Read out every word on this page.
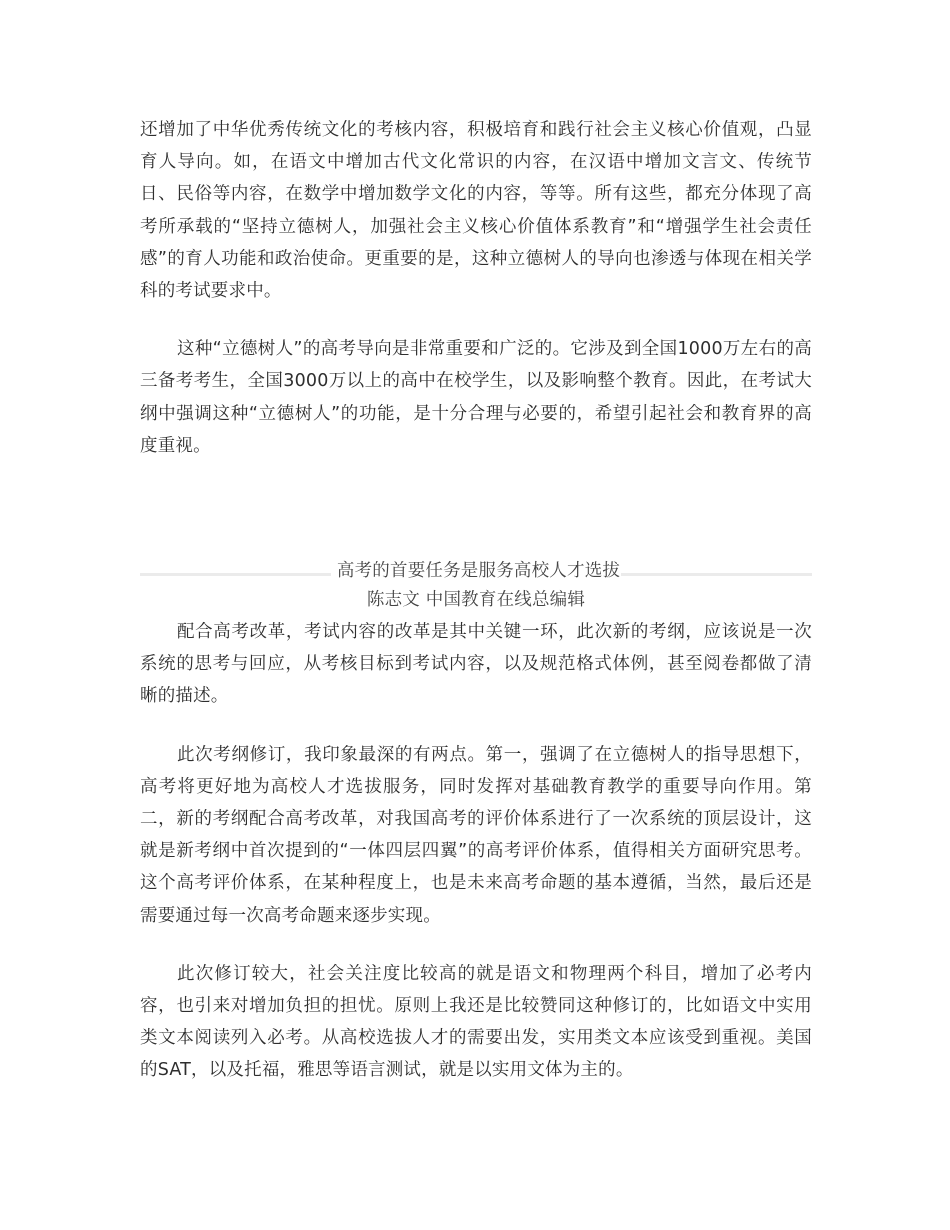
还增加了中华优秀传统文化的考核内容，积极培育和践行社会主义核心价值观，凸显育人导向。如，在语文中增加古代文化常识的内容，在汉语中增加文言文、传统节日、民俗等内容，在数学中增加数学文化的内容，等等。所有这些，都充分体现了高考所承载的“坚持立德树人，加强社会主义核心价值体系教育”和“增强学生社会责任感”的育人功能和政治使命。更重要的是，这种立德树人的导向也渗透与体现在相关学科的考试要求中。

这种“立德树人”的高考导向是非常重要和广泛的。它涉及到全国1000万左右的高三备考考生，全国3000万以上的高中在校学生，以及影响整个教育。因此，在考试大纲中强调这种“立德树人”的功能，是十分合理与必要的，希望引起社会和教育界的高度重视。

高考的首要任务是服务高校人才选拔
陈志文 中国教育在线总编辑

配合高考改革，考试内容的改革是其中关键一环，此次新的考纲，应该说是一次系统的思考与回应，从考核目标到考试内容，以及规范格式体例，甚至阅卷都做了清晰的描述。

此次考纲修订，我印象最深的有两点。第一，强调了在立德树人的指导思想下，高考将更好地为高校人才选拔服务，同时发挥对基础教育教学的重要导向作用。第二，新的考纲配合高考改革，对我国高考的评价体系进行了一次系统的顶层设计，这就是新考纲中首次提到的“一体四层四翼”的高考评价体系，值得相关方面研究思考。这个高考评价体系，在某种程度上，也是未来高考命题的基本遵循，当然，最后还是需要通过每一次高考命题来逐步实现。

此次修订较大，社会关注度比较高的就是语文和物理两个科目，增加了必考内容，也引来对增加负担的担忧。原则上我还是比较赞同这种修订的，比如语文中实用类文本阅读列入必考。从高校选拔人才的需要出发，实用类文本应该受到重视。美国的SAT，以及托福，雅思等语言测试，就是以实用文体为主的。
